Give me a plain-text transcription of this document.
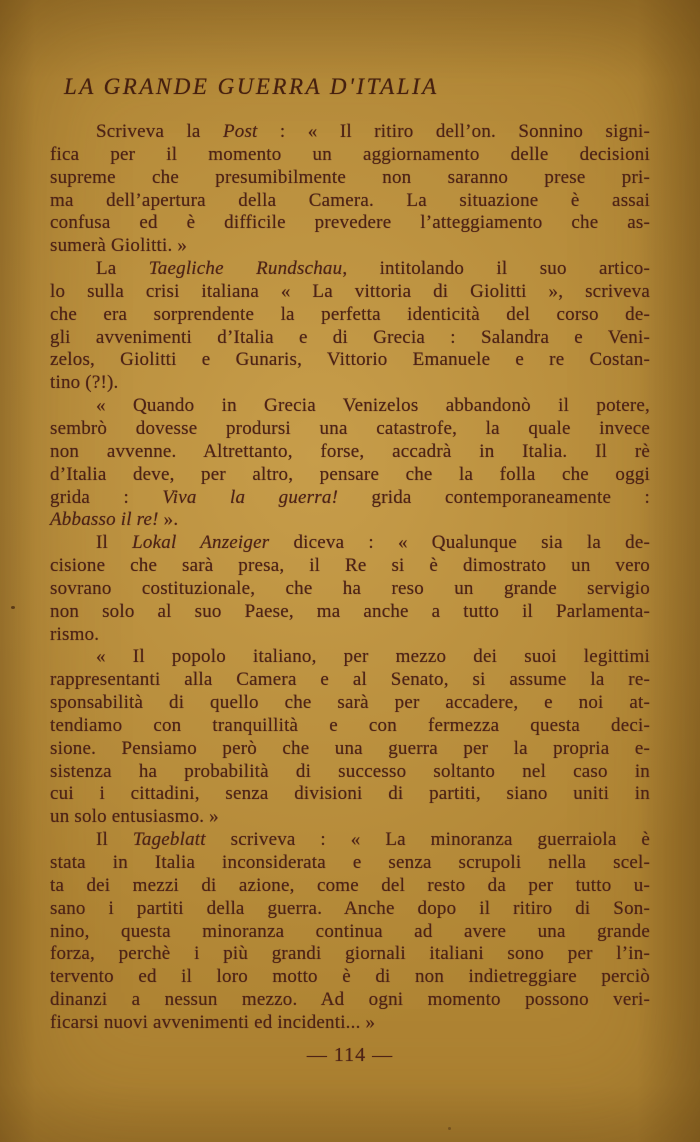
LA GRANDE GUERRA D'ITALIA
Scriveva la Post : « Il ritiro dell’on. Sonnino signi-
fica per il momento un aggiornamento delle decisioni
supreme che presumibilmente non saranno prese pri-
ma dell’apertura della Camera. La situazione è assai
confusa ed è difficile prevedere l’atteggiamento che as-
sumerà Giolitti. »
La Taegliche Rundschau, intitolando il suo artico-
lo sulla crisi italiana « La vittoria di Giolitti », scriveva
che era sorprendente la perfetta identicità del corso de-
gli avvenimenti d’Italia e di Grecia : Salandra e Veni-
zelos, Giolitti e Gunaris, Vittorio Emanuele e re Costan-
tino (?!).
« Quando in Grecia Venizelos abbandonò il potere,
sembrò dovesse prodursi una catastrofe, la quale invece
non avvenne. Altrettanto, forse, accadrà in Italia. Il rè
d’Italia deve, per altro, pensare che la folla che oggi
grida : Viva la guerra! grida contemporaneamente :
Abbasso il re! ».
Il Lokal Anzeiger diceva : « Qualunque sia la de-
cisione che sarà presa, il Re si è dimostrato un vero
sovrano costituzionale, che ha reso un grande servigio
non solo al suo Paese, ma anche a tutto il Parlamenta-
rismo.
« Il popolo italiano, per mezzo dei suoi legittimi
rappresentanti alla Camera e al Senato, si assume la re-
sponsabilità di quello che sarà per accadere, e noi at-
tendiamo con tranquillità e con fermezza questa deci-
sione. Pensiamo però che una guerra per la propria e-
sistenza ha probabilità di successo soltanto nel caso in
cui i cittadini, senza divisioni di partiti, siano uniti in
un solo entusiasmo. »
Il Tageblatt scriveva : « La minoranza guerraiola è
stata in Italia inconsiderata e senza scrupoli nella scel-
ta dei mezzi di azione, come del resto da per tutto u-
sano i partiti della guerra. Anche dopo il ritiro di Son-
nino, questa minoranza continua ad avere una grande
forza, perchè i più grandi giornali italiani sono per l’in-
tervento ed il loro motto è di non indietreggiare perciò
dinanzi a nessun mezzo. Ad ogni momento possono veri-
ficarsi nuovi avvenimenti ed incidenti... »
— 114 —
